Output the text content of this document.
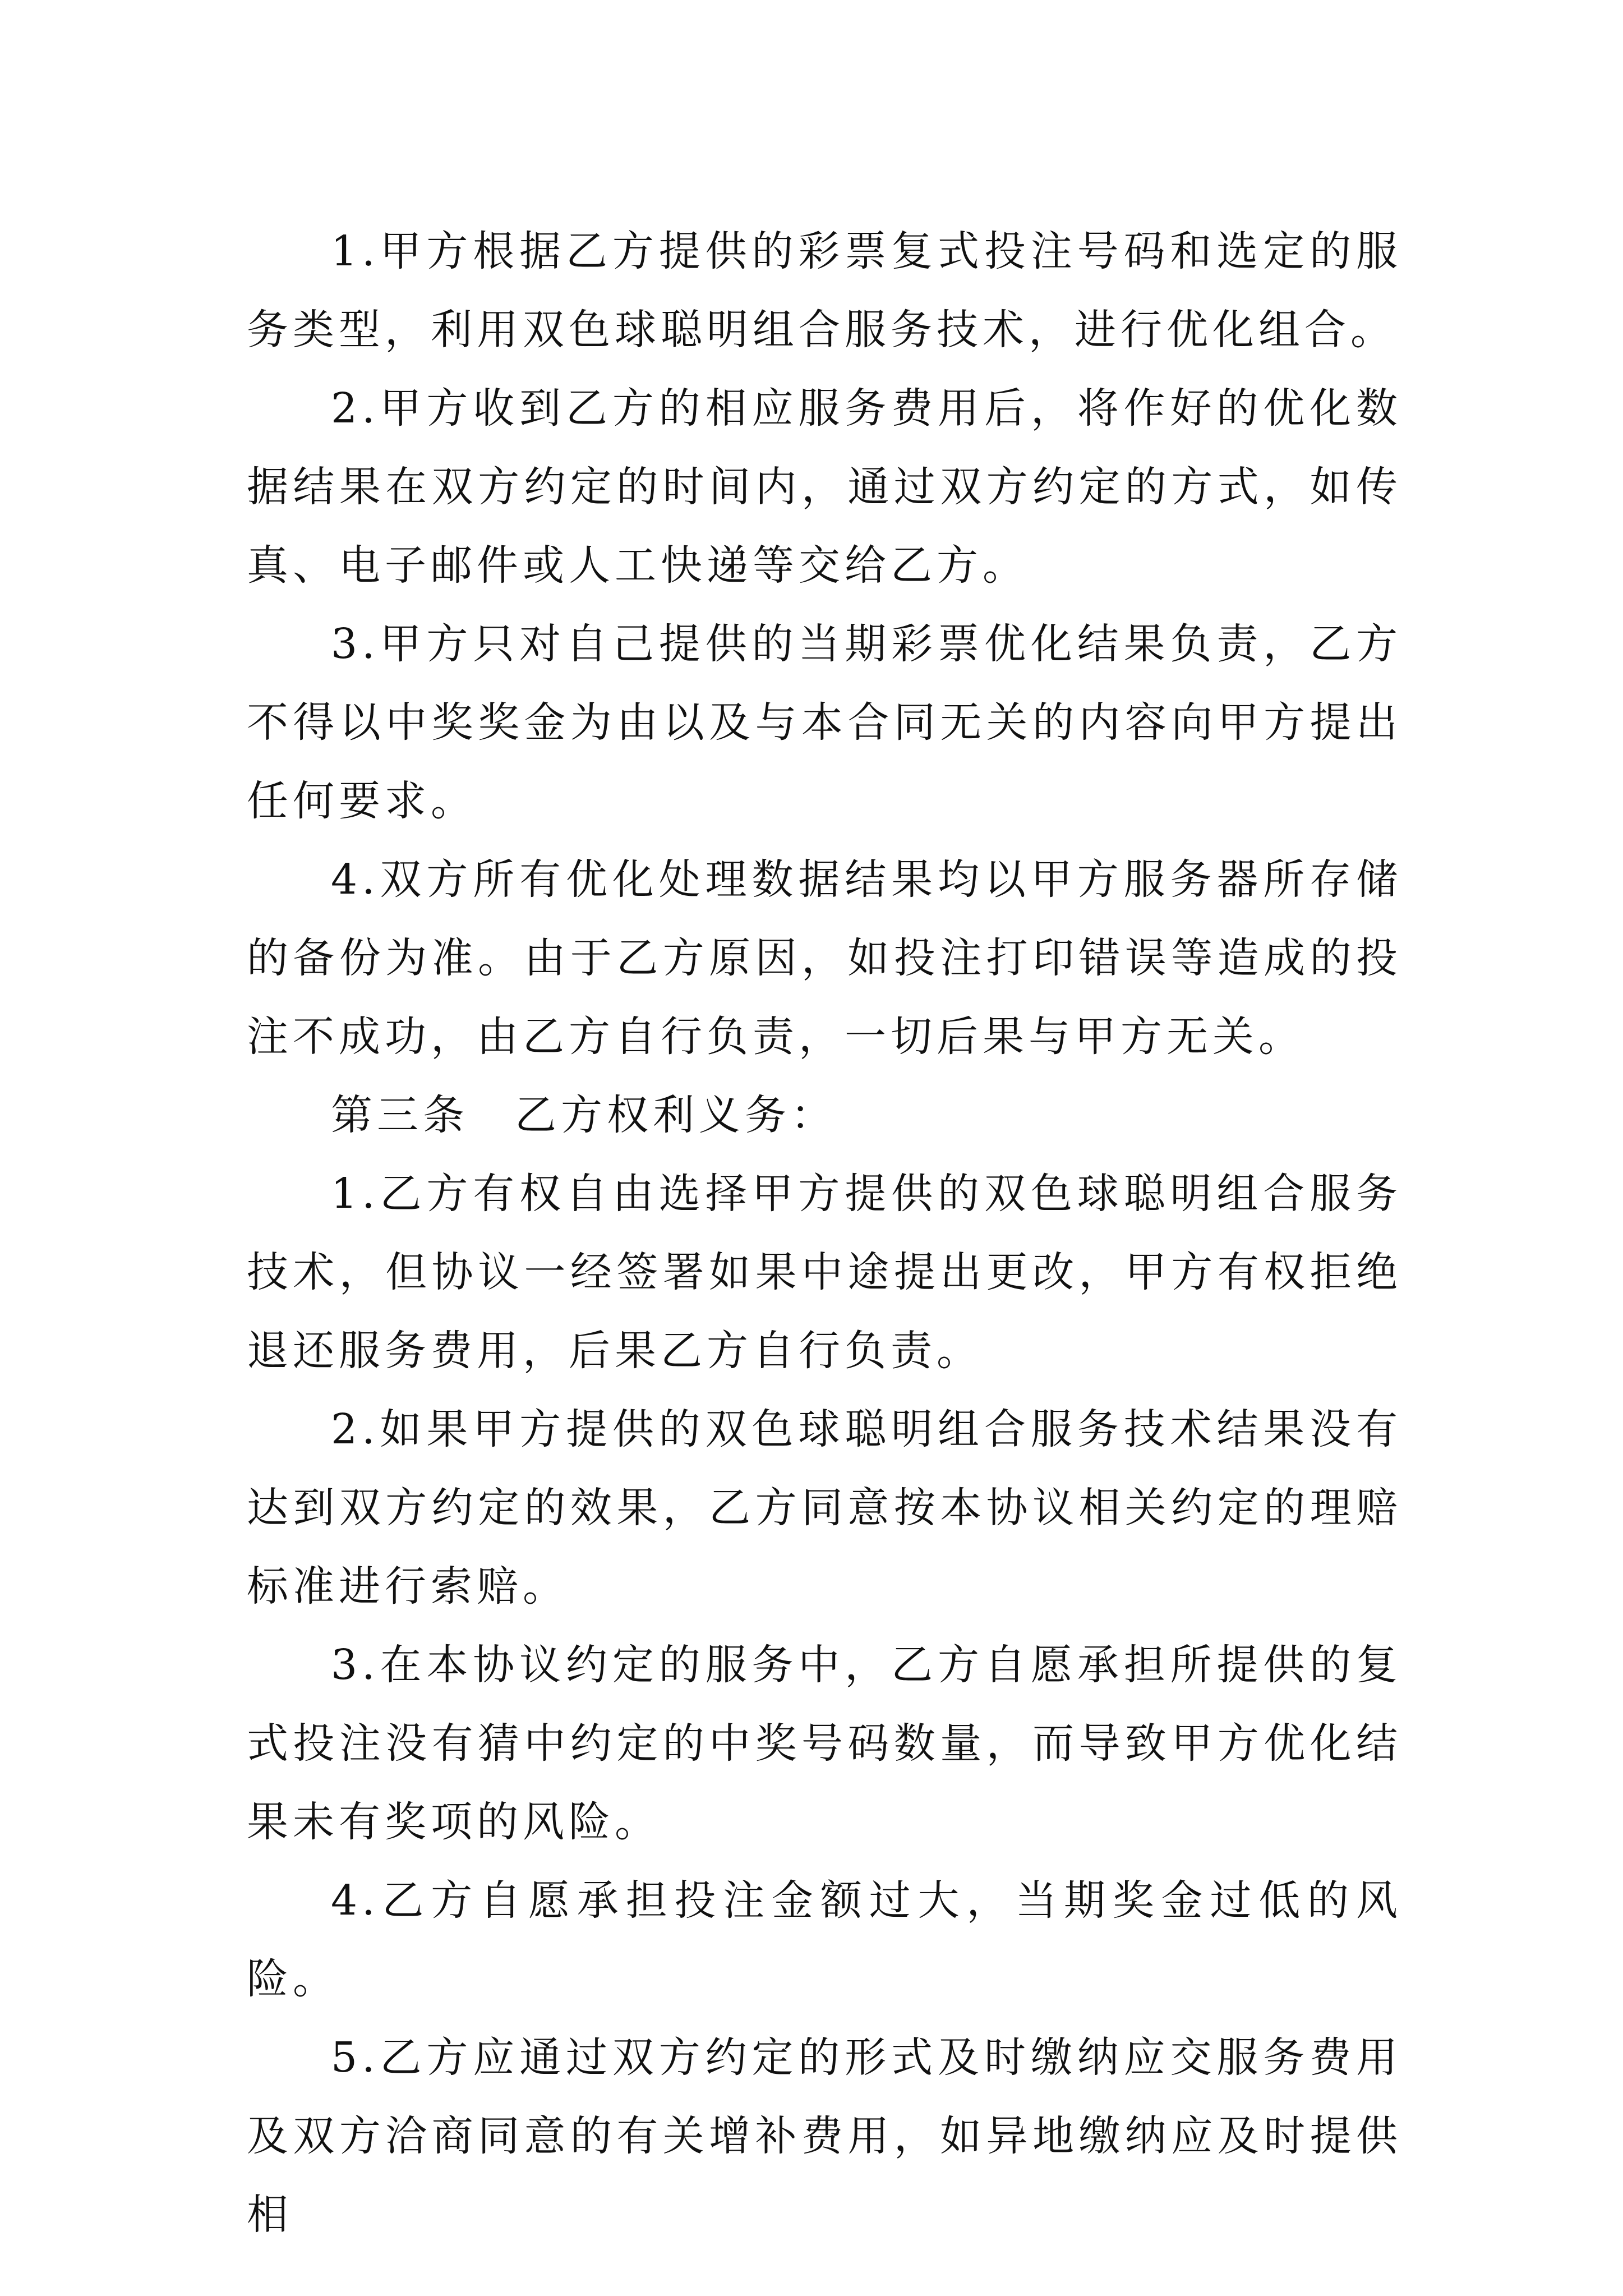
1.甲方根据乙方提供的彩票复式投注号码和选定的服务类型，利用双色球聪明组合服务技术，进行优化组合。

2.甲方收到乙方的相应服务费用后，将作好的优化数据结果在双方约定的时间内，通过双方约定的方式，如传真、电子邮件或人工快递等交给乙方。

3.甲方只对自己提供的当期彩票优化结果负责，乙方不得以中奖奖金为由以及与本合同无关的内容向甲方提出任何要求。

4.双方所有优化处理数据结果均以甲方服务器所存储的备份为准。由于乙方原因，如投注打印错误等造成的投注不成功，由乙方自行负责，一切后果与甲方无关。

第三条　乙方权利义务：

1.乙方有权自由选择甲方提供的双色球聪明组合服务技术，但协议一经签署如果中途提出更改，甲方有权拒绝退还服务费用，后果乙方自行负责。

2.如果甲方提供的双色球聪明组合服务技术结果没有达到双方约定的效果，乙方同意按本协议相关约定的理赔标准进行索赔。

3.在本协议约定的服务中，乙方自愿承担所提供的复式投注没有猜中约定的中奖号码数量，而导致甲方优化结果未有奖项的风险。

4.乙方自愿承担投注金额过大，当期奖金过低的风险。

5.乙方应通过双方约定的形式及时缴纳应交服务费用及双方洽商同意的有关增补费用，如异地缴纳应及时提供相
